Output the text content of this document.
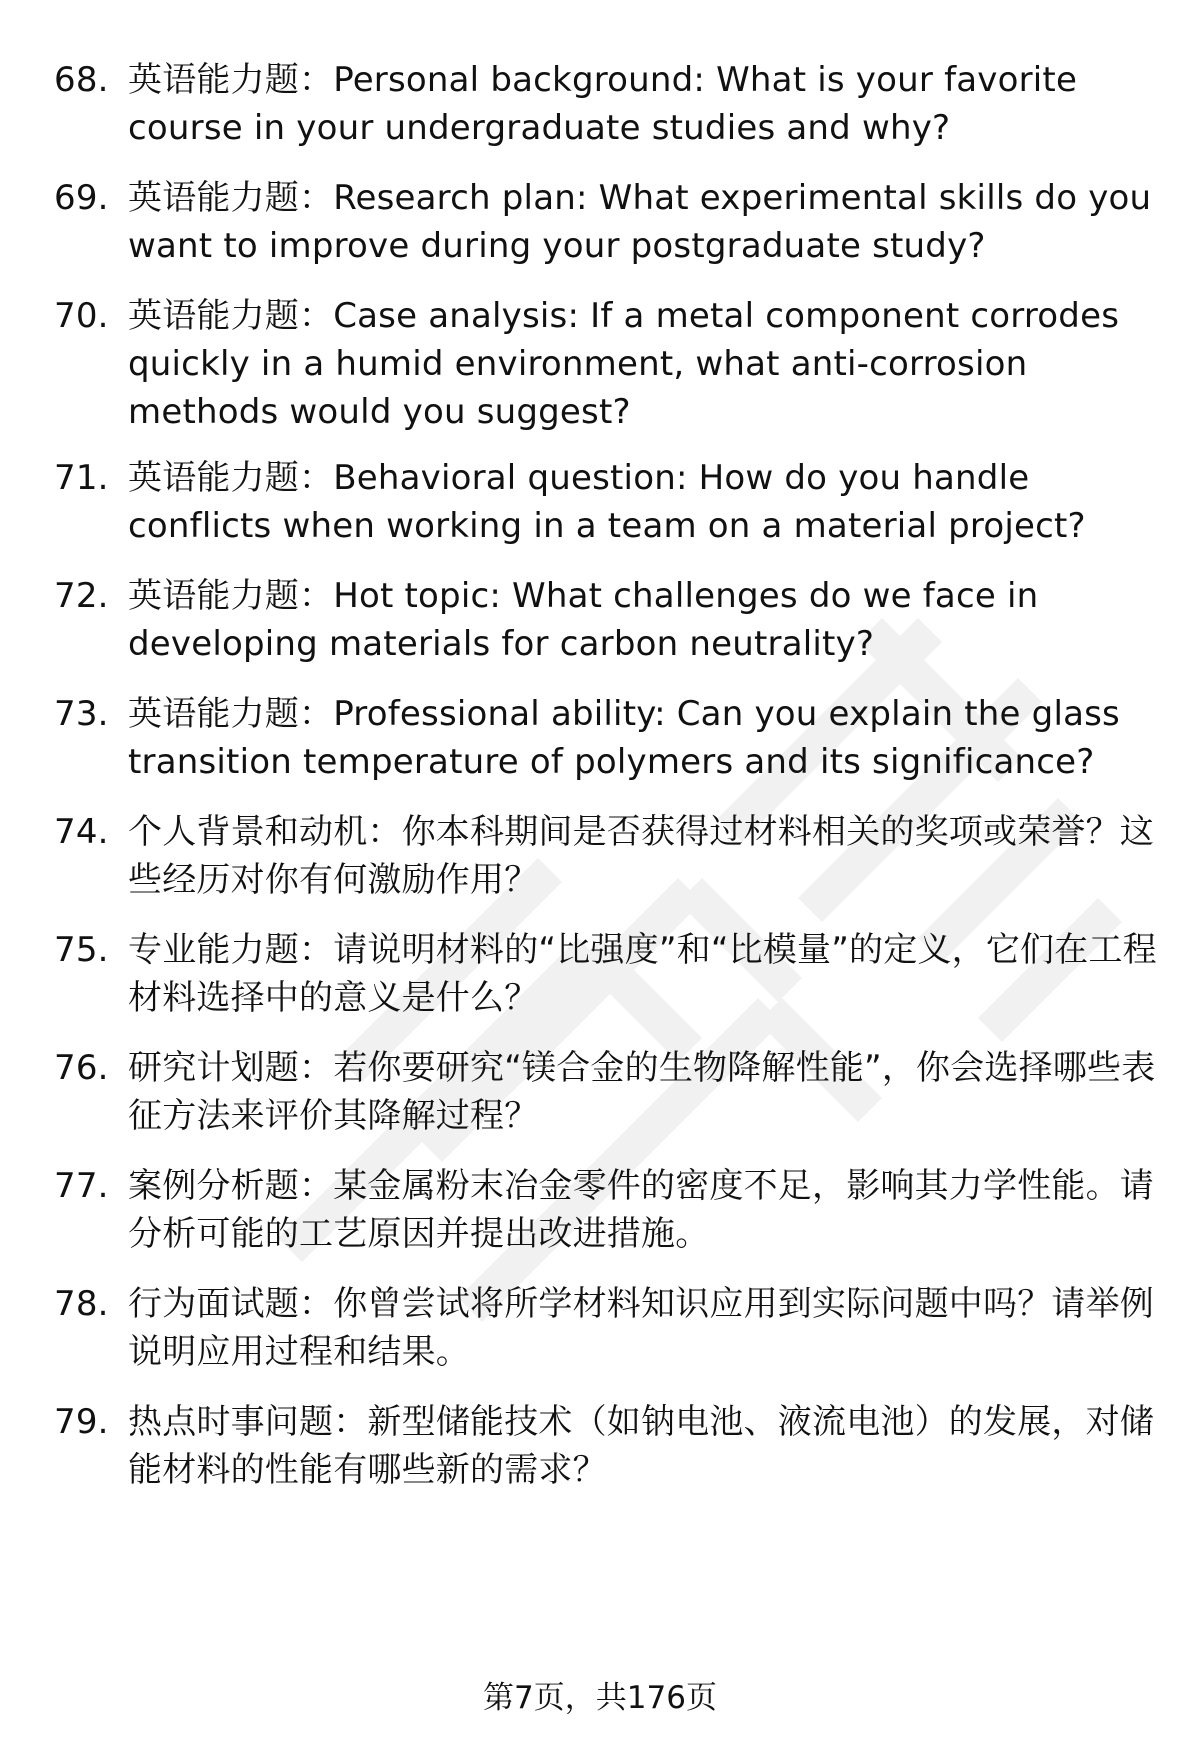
68. 英语能力题：Personal background: What is your favorite course in your undergraduate studies and why?
69. 英语能力题：Research plan: What experimental skills do you want to improve during your postgraduate study?
70. 英语能力题：Case analysis: If a metal component corrodes quickly in a humid environment, what anti-corrosion methods would you suggest?
71. 英语能力题：Behavioral question: How do you handle conflicts when working in a team on a material project?
72. 英语能力题：Hot topic: What challenges do we face in developing materials for carbon neutrality?
73. 英语能力题：Professional ability: Can you explain the glass transition temperature of polymers and its significance?
74. 个人背景和动机：你本科期间是否获得过材料相关的奖项或荣誉？这些经历对你有何激励作用？
75. 专业能力题：请说明材料的“比强度”和“比模量”的定义，它们在工程材料选择中的意义是什么？
76. 研究计划题：若你要研究“镁合金的生物降解性能”，你会选择哪些表征方法来评价其降解过程？
77. 案例分析题：某金属粉末冶金零件的密度不足，影响其力学性能。请分析可能的工艺原因并提出改进措施。
78. 行为面试题：你曾尝试将所学材料知识应用到实际问题中吗？请举例说明应用过程和结果。
79. 热点时事问题：新型储能技术（如钠电池、液流电池）的发展，对储能材料的性能有哪些新的需求？
第7页，共176页
